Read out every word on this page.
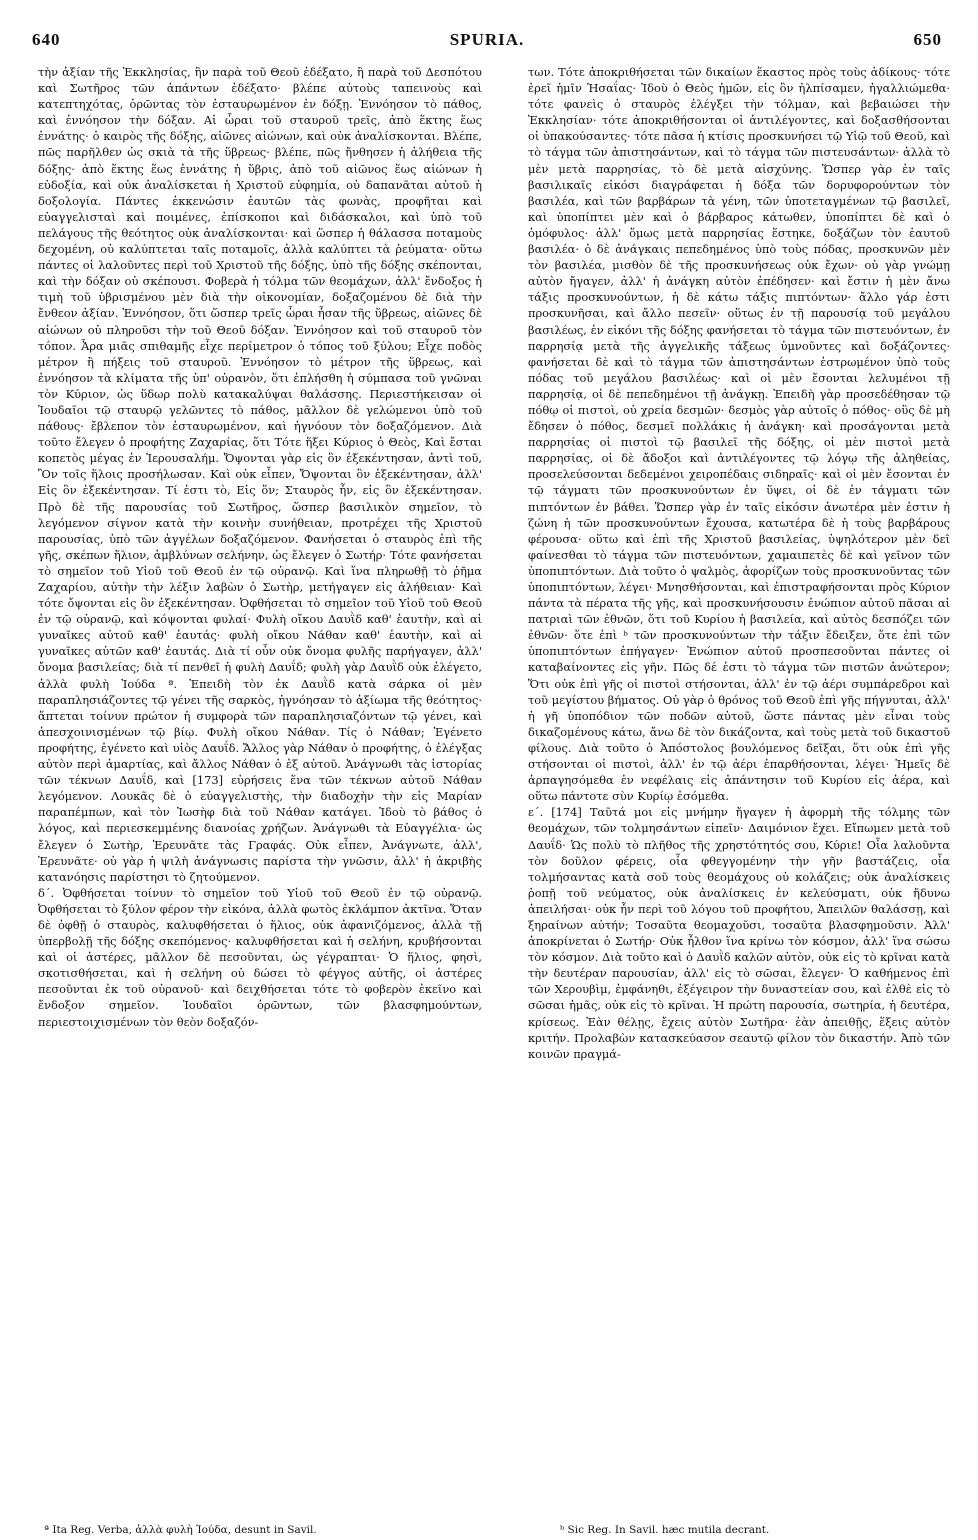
640	SPURIA.	650

τὴν ἀξίαν τῆς Ἐκκλησίας, ἣν παρὰ τοῦ Θεοῦ ἐδέξατο, ἢ παρὰ τοῦ Δεσπότου καὶ Σωτῆρος τῶν ἁπάντων ἐδέξατο· βλέπε αὐτοὺς ταπεινοὺς καὶ κατεπτηχότας, ὁρῶντας τὸν ἐσταυρωμένον ἐν δόξῃ. Ἐννόησον τὸ πάθος, καὶ ἐννόησον τὴν δόξαν. Αἱ ὧραι τοῦ σταυροῦ τρεῖς, ἀπὸ ἕκτης ἕως ἐννάτης· ὁ καιρὸς τῆς δόξης, αἰῶνες αἰώνων, καὶ οὐκ ἀναλίσκονται. Βλέπε, πῶς παρῆλθεν ὡς σκιὰ τὰ τῆς ὕβρεως· βλέπε, πῶς ἤνθησεν ἡ ἀλήθεια τῆς δόξης· ἀπὸ ἕκτης ἕως ἐννάτης ἡ ὕβρις, ἀπὸ τοῦ αἰῶνος ἕως αἰώνων ἡ εὐδοξία, καὶ οὐκ ἀναλίσκεται ἡ Χριστοῦ εὐφημία, οὐ δαπανᾶται αὐτοῦ ἡ δοξολογία. Πάντες ἐκκενώσιν ἑαυτῶν τὰς φωνὰς, προφῆται καὶ εὐαγγελισταὶ καὶ ποιμένες, ἐπίσκοποι καὶ διδάσκαλοι, καὶ ὑπὸ τοῦ πελάγους τῆς θεότητος οὐκ ἀναλίσκονται· καὶ ὥσπερ ἡ θάλασσα ποταμοὺς δεχομένη, οὐ καλύπτεται ταῖς ποταμοῖς, ἀλλὰ καλύπτει τὰ ῥεύματα· οὕτω πάντες οἱ λαλοῦντες περὶ τοῦ Χριστοῦ τῆς δόξης, ὑπὸ τῆς δόξης σκέπονται, καὶ τὴν δόξαν οὐ σκέπουσι. Φοβερὰ ἡ τόλμα τῶν θεομάχων, ἀλλ' ἔνδοξος ἡ τιμὴ τοῦ ὑβρισμένου μὲν διὰ τὴν οἰκονομίαν, δοξαζομένου δὲ διὰ τὴν ἔνθεον ἀξίαν. Ἐννόησον, ὅτι ὥσπερ τρεῖς ὧραι ἦσαν τῆς ὕβρεως, αἰῶνες δὲ αἰώνων οὐ πληροῦσι τὴν τοῦ Θεοῦ δόξαν. Ἐννόησον καὶ τοῦ σταυροῦ τὸν τόπον. Ἆρα μιᾶς σπιθαμῆς εἶχε περίμετρον ὁ τόπος τοῦ ξύλου; Εἶχε ποδὸς μέτρον ἢ πήξεις τοῦ σταυροῦ. Ἐννόησον τὸ μέτρον τῆς ὕβρεως, καὶ ἐννόησον τὰ κλίματα τῆς ὑπ' οὐρανὸν, ὅτι ἐπλήσθη ἡ σύμπασα τοῦ γνῶναι τὸν Κύριον, ὡς ὕδωρ πολὺ κατακαλύψαι θαλάσσης. Περιεστήκεισαν οἱ Ἰουδαῖοι τῷ σταυρῷ γελῶντες τὸ πάθος, μᾶλλον δὲ γελώμενοι ὑπὸ τοῦ πάθους· ἔβλεπον τὸν ἐσταυρωμένον, καὶ ἠγνόουν τὸν δοξαζόμενον. Διὰ τοῦτο ἔλεγεν ὁ προφήτης Ζαχαρίας, ὅτι Τότε ἥξει Κύριος ὁ Θεὸς, Καὶ ἔσται κοπετὸς μέγας ἐν Ἱερουσαλήμ. Ὄψονται γὰρ εἰς ὃν ἐξεκέντησαν, ἀντὶ τοῦ, Ὃν τοῖς ἥλοις προσήλωσαν. Καὶ οὐκ εἶπεν, Ὄψονται ὃν ἐξεκέντησαν, ἀλλ' Εἰς ὃν ἐξεκέντησαν. Τί ἐστι τὸ, Εἰς ὅν; Σταυρὸς ἦν, εἰς ὃν ἐξεκέντησαν. Πρὸ δὲ τῆς παρουσίας τοῦ Σωτῆρος, ὥσπερ βασιλικὸν σημεῖον, τὸ λεγόμενον σίγνον κατὰ τὴν κοινὴν συνήθειαν, προτρέχει τῆς Χριστοῦ παρουσίας, ὑπὸ τῶν ἀγγέλων δοξαζόμενον. Φανήσεται ὁ σταυρὸς ἐπὶ τῆς γῆς, σκέπων ἥλιον, ἀμβλύνων σελήνην, ὡς ἔλεγεν ὁ Σωτήρ· Τότε φανήσεται τὸ σημεῖον τοῦ Υἱοῦ τοῦ Θεοῦ ἐν τῷ οὐρανῷ. Καὶ ἵνα πληρωθῇ τὸ ῥῆμα Ζαχαρίου, αὐτὴν τὴν λέξιν λαβὼν ὁ Σωτὴρ, μετήγαγεν εἰς ἀλήθειαν· Καὶ τότε ὄψονται εἰς ὃν ἐξεκέντησαν. Ὀφθήσεται τὸ σημεῖον τοῦ Υἱοῦ τοῦ Θεοῦ ἐν τῷ οὐρανῷ, καὶ κόψονται φυλαί· Φυλὴ οἴκου Δαυῒδ καθ' ἑαυτὴν, καὶ αἱ γυναῖκες αὐτοῦ καθ' ἑαυτάς· φυλὴ οἴκου Νάθαν καθ' ἑαυτὴν, καὶ αἱ γυναῖκες αὐτῶν καθ' ἑαυτάς. Διὰ τί οὖν οὐκ ὄνομα φυλῆς παρήγαγεν, ἀλλ' ὄνομα βασιλείας; διὰ τί πενθεῖ ἡ φυλὴ Δαυΐδ; φυλὴ γὰρ Δαυῒδ οὐκ ἐλέγετο, ἀλλὰ φυλὴ Ἰούδα ª. Ἐπειδὴ τὸν ἐκ Δαυῒδ κατὰ σάρκα οἱ μὲν παραπλησιάζοντες τῷ γένει τῆς σαρκὸς, ἠγνόησαν τὸ ἀξίωμα τῆς θεότητος· ἅπτεται τοίνυν πρώτον ἡ συμφορὰ τῶν παραπλησιαζόντων τῷ γένει, καὶ ἀπεσχοινισμένων τῷ βίῳ. Φυλὴ οἴκου Νάθαν. Τίς ὁ Νάθαν; Ἐγένετο προφήτης, ἐγένετο καὶ υἱὸς Δαυΐδ. Ἄλλος γὰρ Νάθαν ὁ προφήτης, ὁ ἐλέγξας αὐτὸν περὶ ἁμαρτίας, καὶ ἄλλος Νάθαν ὁ ἐξ αὐτοῦ. Ἀνάγνωθι τὰς ἱστορίας τῶν τέκνων Δαυΐδ, καὶ [173] εὑρήσεις ἕνα τῶν τέκνων αὐτοῦ Νάθαν λεγόμενον. Λουκᾶς δὲ ὁ εὐαγγελιστὴς, τὴν διαδοχὴν τὴν εἰς Μαρίαν παραπέμπων, καὶ τὸν Ἰωσὴφ διὰ τοῦ Νάθαν κατάγει. Ἰδοὺ τὸ βάθος ὁ λόγος, καὶ περιεσκεμμένης διανοίας χρήζων. Ἀνάγνωθι τὰ Εὐαγγέλια· ὡς ἔλεγεν ὁ Σωτὴρ, Ἐρευνᾶτε τὰς Γραφάς. Οὐκ εἶπεν, Ἀνάγνωτε, ἀλλ', Ἐρευνᾶτε· οὐ γὰρ ἡ ψιλὴ ἀνάγνωσις παρίστα τὴν γνῶσιν, ἀλλ' ἡ ἀκριβὴς κατανόησις παρίστησι τὸ ζητούμενον.

δ΄. Ὀφθήσεται τοίνυν τὸ σημεῖον τοῦ Υἱοῦ τοῦ Θεοῦ ἐν τῷ οὐρανῷ. Ὀφθήσεται τὸ ξύλον φέρον τὴν εἰκόνα, ἀλλὰ φωτὸς ἐκλάμπον ἀκτῖνα. Ὅταν δὲ ὀφθῇ ὁ σταυρὸς, καλυφθήσεται ὁ ἥλιος, οὐκ ἀφανιζόμενος, ἀλλὰ τῇ ὑπερβολῇ τῆς δόξης σκεπόμενος· καλυφθήσεται καὶ ἡ σελήνη, κρυβήσονται καὶ οἱ ἀστέρες, μᾶλλον δὲ πεσοῦνται, ὡς γέγραπται· Ὁ ἥλιος, φησὶ, σκοτισθήσεται, καὶ ἡ σελήνη οὐ δώσει τὸ φέγγος αὐτῆς, οἱ ἀστέρες πεσοῦνται ἐκ τοῦ οὐρανοῦ· καὶ δειχθήσεται τότε τὸ φοβερὸν ἐκεῖνο καὶ ἔνδοξον σημεῖον. Ἰουδαῖοι ὁρῶντων, τῶν βλασφημούντων, περιεστοιχισμένων τὸν θεὸν δοξαζόν-

των. Τότε ἀποκριθήσεται τῶν δικαίων ἕκαστος πρὸς τοὺς ἀδίκους· τότε ἐρεῖ ἡμῖν Ἡσαΐας· Ἰδοὺ ὁ Θεὸς ἡμῶν, εἰς ὃν ἠλπίσαμεν, ἠγαλλιώμεθα· τότε φανεὶς ὁ σταυρὸς ἐλέγξει τὴν τόλμαν, καὶ βεβαιώσει τὴν Ἐκκλησίαν· τότε ἀποκριθήσονται οἱ ἀντιλέγοντες, καὶ δοξασθήσονται οἱ ὑπακούσαντες· τότε πᾶσα ἡ κτίσις προσκυνήσει τῷ Υἱῷ τοῦ Θεοῦ, καὶ τὸ τάγμα τῶν ἀπιστησάντων, καὶ τὸ τάγμα τῶν πιστευσάντων· ἀλλὰ τὸ μὲν μετὰ παρρησίας, τὸ δὲ μετὰ αἰσχύνης. Ὥσπερ γὰρ ἐν ταῖς βασιλικαῖς εἰκόσι διαγράφεται ἡ δόξα τῶν δορυφορούντων τὸν βασιλέα, καὶ τῶν βαρβάρων τὰ γένη, τῶν ὑποτεταγμένων τῷ βασιλεῖ, καὶ ὑποπίπτει μὲν καὶ ὁ βάρβαρος κάτωθεν, ὑποπίπτει δὲ καὶ ὁ ὁμόφυλος· ἀλλ' ὅμως μετὰ παρρησίας ἕστηκε, δοξάζων τὸν ἑαυτοῦ βασιλέα· ὁ δὲ ἀνάγκαις πεπεδημένος ὑπὸ τοὺς πόδας, προσκυνῶν μὲν τὸν βασιλέα, μισθὸν δὲ τῆς προσκυνήσεως οὐκ ἔχων· οὐ γὰρ γνώμῃ αὐτὸν ἤγαγεν, ἀλλ' ἡ ἀνάγκη αὐτὸν ἐπέδησεν· καὶ ἔστιν ἡ μὲν ἄνω τάξις προσκυνούντων, ἡ δὲ κάτω τάξις πιπτόντων· ἄλλο γάρ ἐστι προσκυνῆσαι, καὶ ἄλλο πεσεῖν· οὕτως ἐν τῇ παρουσίᾳ τοῦ μεγάλου βασιλέως, ἐν εἰκόνι τῆς δόξης φανήσεται τὸ τάγμα τῶν πιστευόντων, ἐν παρρησίᾳ μετὰ τῆς ἀγγελικῆς τάξεως ὑμνοῦντες καὶ δοξάζοντες· φανήσεται δὲ καὶ τὸ τάγμα τῶν ἀπιστησάντων ἐστρωμένον ὑπὸ τοὺς πόδας τοῦ μεγάλου βασιλέως· καὶ οἱ μὲν ἔσονται λελυμένοι τῇ παρρησίᾳ, οἱ δὲ πεπεδημένοι τῇ ἀνάγκῃ. Ἐπειδὴ γὰρ προσεδέθησαν τῷ πόθῳ οἱ πιστοὶ, οὐ χρεία δεσμῶν· δεσμὸς γὰρ αὐτοῖς ὁ πόθος· οὓς δὲ μὴ ἔδησεν ὁ πόθος, δεσμεῖ πολλάκις ἡ ἀνάγκη· καὶ προσάγονται μετὰ παρρησίας οἱ πιστοὶ τῷ βασιλεῖ τῆς δόξης, οἱ μὲν πιστοὶ μετὰ παρρησίας, οἱ δὲ ἄδοξοι καὶ ἀντιλέγοντες τῷ λόγῳ τῆς ἀληθείας, προσελεύσονται δεδεμένοι χειροπέδαις σιδηραῖς· καὶ οἱ μὲν ἔσονται ἐν τῷ τάγματι τῶν προσκυνούντων ἐν ὕψει, οἱ δὲ ἐν τάγματι τῶν πιπτόντων ἐν βάθει. Ὥσπερ γὰρ ἐν ταῖς εἰκόσιν ἀνωτέρα μὲν ἐστιν ἡ ζώνη ἡ τῶν προσκυνούντων ἔχουσα, κατωτέρα δὲ ἡ τοὺς βαρβάρους φέρουσα· οὕτω καὶ ἐπὶ τῆς Χριστοῦ βασιλείας, ὑψηλότερον μὲν δεῖ φαίνεσθαι τὸ τάγμα τῶν πιστευόντων, χαμαιπετὲς δὲ καὶ γεῖνον τῶν ὑποπιπτόντων. Διὰ τοῦτο ὁ ψαλμὸς, ἀφορίζων τοὺς προσκυνοῦντας τῶν ὑποπιπτόντων, λέγει· Μνησθήσονται, καὶ ἐπιστραφήσονται πρὸς Κύριον πάντα τὰ πέρατα τῆς γῆς, καὶ προσκυνήσουσιν ἐνώπιον αὐτοῦ πᾶσαι αἱ πατριαὶ τῶν ἐθνῶν, ὅτι τοῦ Κυρίου ἡ βασιλεία, καὶ αὐτὸς δεσπόζει τῶν ἐθνῶν· ὅτε ἐπὶ ᵇ τῶν προσκυνούντων τὴν τάξιν ἔδειξεν, ὅτε ἐπὶ τῶν ὑποπιπτόντων ἐπήγαγεν· Ἐνώπιον αὐτοῦ προσπεσοῦνται πάντες οἱ καταβαίνοντες εἰς γῆν. Πῶς δέ ἐστι τὸ τάγμα τῶν πιστῶν ἀνώτερον; Ὅτι οὐκ ἐπὶ γῆς οἱ πιστοὶ στήσονται, ἀλλ' ἐν τῷ ἀέρι συμπάρεδροι καὶ τοῦ μεγίστου βήματος. Οὐ γὰρ ὁ θρόνος τοῦ Θεοῦ ἐπὶ γῆς πήγνυται, ἀλλ' ἡ γῆ ὑποπόδιον τῶν ποδῶν αὐτοῦ, ὥστε πάντας μὲν εἶναι τοὺς δικαζομένους κάτω, ἄνω δὲ τὸν δικάζοντα, καὶ τοὺς μετὰ τοῦ δικαστοῦ φίλους. Διὰ τοῦτο ὁ Ἀπόστολος βουλόμενος δεῖξαι, ὅτι οὐκ ἐπὶ γῆς στήσονται οἱ πιστοὶ, ἀλλ' ἐν τῷ ἀέρι ἐπαρθήσονται, λέγει· Ἡμεῖς δὲ ἁρπαγησόμεθα ἐν νεφέλαις εἰς ἀπάντησιν τοῦ Κυρίου εἰς ἀέρα, καὶ οὕτω πάντοτε σὺν Κυρίῳ ἐσόμεθα.

ε΄. [174] Ταῦτά μοι εἰς μνήμην ἤγαγεν ἡ ἀφορμὴ τῆς τόλμης τῶν θεομάχων, τῶν τολμησάντων εἰπεῖν· Δαιμόνιον ἔχει. Εἴπωμεν μετὰ τοῦ Δαυΐδ· Ὡς πολὺ τὸ πλῆθος τῆς χρηστότητός σου, Κύριε! Οἷα λαλοῦντα τὸν δοῦλον φέρεις, οἷα φθεγγομένην τὴν γῆν βαστάζεις, οἷα τολμήσαντας κατὰ σοῦ τοὺς θεομάχους οὐ κολάζεις; οὐκ ἀναλίσκεις ῥοπῇ τοῦ νεύματος, οὐκ ἀναλίσκεις ἐν κελεύσματι, οὐκ ἤδυνω ἀπειλήσαι· οὐκ ἦν περὶ τοῦ λόγου τοῦ προφήτου, Ἀπειλῶν θαλάσσῃ, καὶ ξηραίνων αὐτήν; Τοσαῦτα θεομαχοῦσι, τοσαῦτα βλασφημοῦσιν. Ἀλλ' ἀποκρίνεται ὁ Σωτήρ· Οὐκ ἦλθον ἵνα κρίνω τὸν κόσμον, ἀλλ' ἵνα σώσω τὸν κόσμον. Διὰ τοῦτο καὶ ὁ Δαυῒδ καλῶν αὐτὸν, οὐκ εἰς τὸ κρῖναι κατὰ τὴν δευτέραν παρουσίαν, ἀλλ' εἰς τὸ σῶσαι, ἔλεγεν· Ὁ καθήμενος ἐπὶ τῶν Χερουβὶμ, ἐμφάνηθι, ἐξέγειρον τὴν δυναστείαν σου, καὶ ἐλθὲ εἰς τὸ σῶσαι ἡμᾶς, οὐκ εἰς τὸ κρῖναι. Ἡ πρώτη παρουσία, σωτηρία, ἡ δευτέρα, κρίσεως. Ἐὰν θέλῃς, ἔχεις αὐτὸν Σωτῆρα· ἐὰν ἀπειθῇς, ἕξεις αὐτὸν κριτήν. Προλαβὼν κατασκεύασον σεαυτῷ φίλον τὸν δικαστήν. Ἀπὸ τῶν κοινῶν πραγμά-

ª Ita Reg. Verba, ἀλλὰ φυλὴ Ἰούδα, desunt in Savil.	ᵇ Sic Reg. In Savil. hæc mutila decrant.
